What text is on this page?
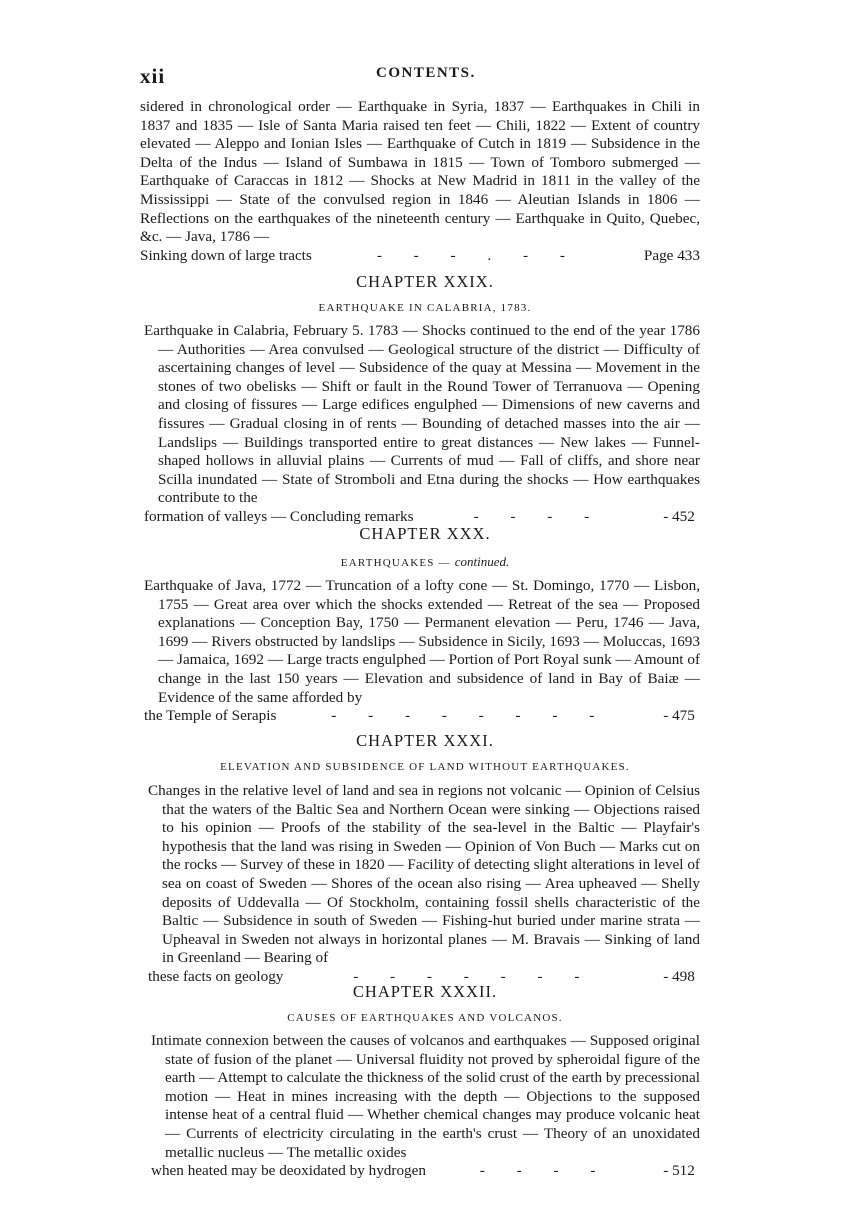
xii	CONTENTS.
sidered in chronological order — Earthquake in Syria, 1837 — Earthquakes in Chili in 1837 and 1835 — Isle of Santa Maria raised ten feet — Chili, 1822 — Extent of country elevated — Aleppo and Ionian Isles — Earthquake of Cutch in 1819 — Subsidence in the Delta of the Indus — Island of Sumbawa in 1815 — Town of Tomboro submerged — Earthquake of Caraccas in 1812 — Shocks at New Madrid in 1811 in the valley of the Mississippi — State of the convulsed region in 1846 — Aleutian Islands in 1806 — Reflections on the earthquakes of the nineteenth century — Earthquake in Quito, Quebec, &c. — Java, 1786 —
Sinking down of large tracts	- - - . - -	Page 433
CHAPTER XXIX.
EARTHQUAKE IN CALABRIA, 1783.
Earthquake in Calabria, February 5. 1783 — Shocks continued to the end of the year 1786 — Authorities — Area convulsed — Geological structure of the district — Difficulty of ascertaining changes of level — Subsidence of the quay at Messina — Movement in the stones of two obelisks — Shift or fault in the Round Tower of Terranuova — Opening and closing of fissures — Large edifices engulphed — Dimensions of new caverns and fissures — Gradual closing in of rents — Bounding of detached masses into the air — Landslips — Buildings transported entire to great distances — New lakes — Funnel-shaped hollows in alluvial plains — Currents of mud — Fall of cliffs, and shore near Scilla inundated — State of Stromboli and Etna during the shocks — How earthquakes contribute to the
formation of valleys — Concluding remarks	- - - -	- 452
CHAPTER XXX.
EARTHQUAKES — continued.
Earthquake of Java, 1772 — Truncation of a lofty cone — St. Domingo, 1770 — Lisbon, 1755 — Great area over which the shocks extended — Retreat of the sea — Proposed explanations — Conception Bay, 1750 — Permanent elevation — Peru, 1746 — Java, 1699 — Rivers obstructed by landslips — Subsidence in Sicily, 1693 — Moluccas, 1693 — Jamaica, 1692 — Large tracts engulphed — Portion of Port Royal sunk — Amount of change in the last 150 years — Elevation and subsidence of land in Bay of Baiæ — Evidence of the same afforded by
the Temple of Serapis	- - - - - - - -	- 475
CHAPTER XXXI.
ELEVATION AND SUBSIDENCE OF LAND WITHOUT EARTHQUAKES.
Changes in the relative level of land and sea in regions not volcanic — Opinion of Celsius that the waters of the Baltic Sea and Northern Ocean were sinking — Objections raised to his opinion — Proofs of the stability of the sea-level in the Baltic — Playfair's hypothesis that the land was rising in Sweden — Opinion of Von Buch — Marks cut on the rocks — Survey of these in 1820 — Facility of detecting slight alterations in level of sea on coast of Sweden — Shores of the ocean also rising — Area upheaved — Shelly deposits of Uddevalla — Of Stockholm, containing fossil shells characteristic of the Baltic — Subsidence in south of Sweden — Fishing-hut buried under marine strata — Upheaval in Sweden not always in horizontal planes — M. Bravais — Sinking of land in Greenland — Bearing of
these facts on geology	- - - - - - -	- 498
CHAPTER XXXII.
CAUSES OF EARTHQUAKES AND VOLCANOS.
Intimate connexion between the causes of volcanos and earthquakes — Supposed original state of fusion of the planet — Universal fluidity not proved by spheroidal figure of the earth — Attempt to calculate the thickness of the solid crust of the earth by precessional motion — Heat in mines increasing with the depth — Objections to the supposed intense heat of a central fluid — Whether chemical changes may produce volcanic heat — Currents of electricity circulating in the earth's crust — Theory of an unoxidated metallic nucleus — The metallic oxides
when heated may be deoxidated by hydrogen	- - - -	- 512
